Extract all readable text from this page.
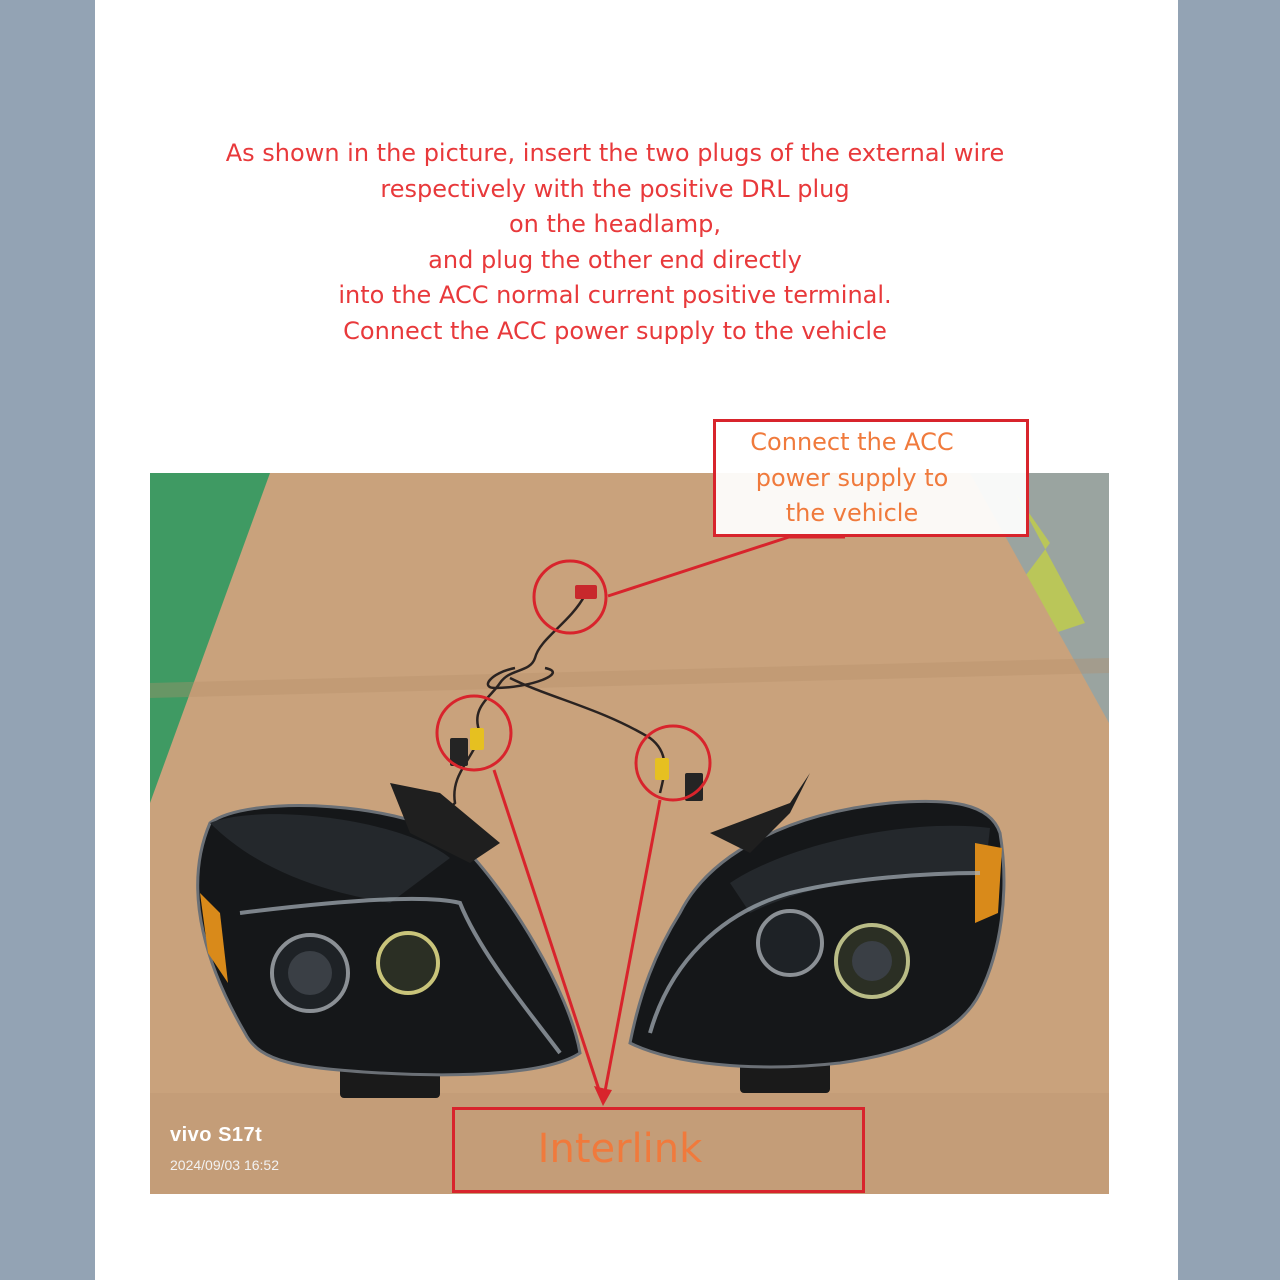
As shown in the picture, insert the two plugs of the external wire
respectively with the positive DRL plug
on the headlamp,
and plug the other end directly
into the ACC normal current positive terminal.
Connect the ACC power supply to the vehicle
vivo S17t
2024/09/03 16:52
Connect the ACC
power supply to
the vehicle
Interlink
